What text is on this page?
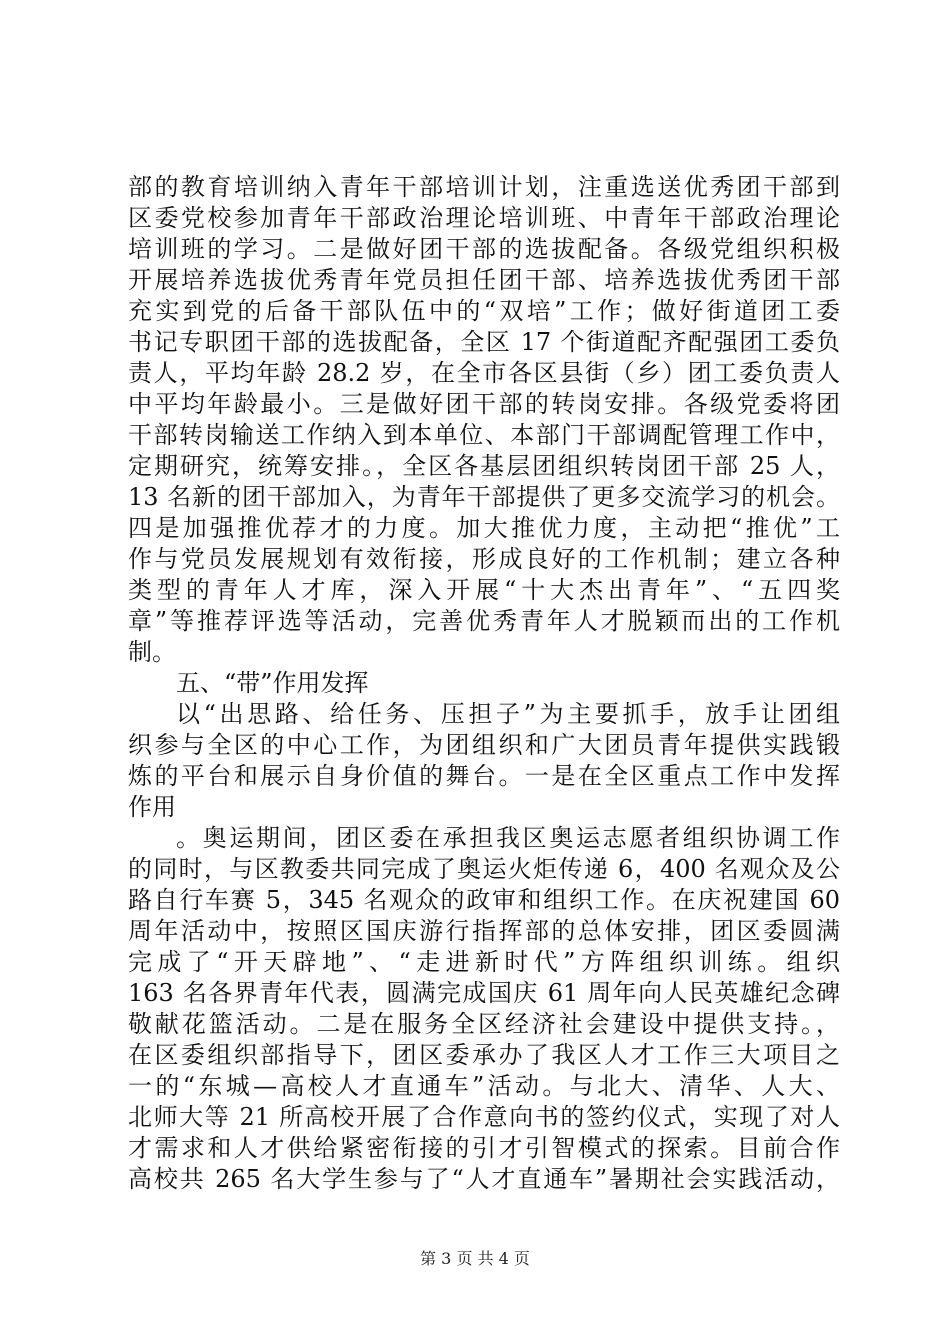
部的教育培训纳入青年干部培训计划，注重选送优秀团干部到
区委党校参加青年干部政治理论培训班、中青年干部政治理论
培训班的学习。二是做好团干部的选拔配备。各级党组织积极
开展培养选拔优秀青年党员担任团干部、培养选拔优秀团干部
充实到党的后备干部队伍中的“双培”工作；做好街道团工委
书记专职团干部的选拔配备，全区 17 个街道配齐配强团工委负
责人，平均年龄 28.2 岁，在全市各区县街（乡）团工委负责人
中平均年龄最小。三是做好团干部的转岗安排。各级党委将团
干部转岗输送工作纳入到本单位、本部门干部调配管理工作中，
定期研究，统筹安排。，全区各基层团组织转岗团干部 25 人，
13 名新的团干部加入，为青年干部提供了更多交流学习的机会。
四是加强推优荐才的力度。加大推优力度，主动把“推优”工
作与党员发展规划有效衔接，形成良好的工作机制；建立各种
类型的青年人才库，深入开展“十大杰出青年”、“五四奖
章”等推荐评选等活动，完善优秀青年人才脱颖而出的工作机
制。
五、“带”作用发挥
以“出思路、给任务、压担子”为主要抓手，放手让团组
织参与全区的中心工作，为团组织和广大团员青年提供实践锻
炼的平台和展示自身价值的舞台。一是在全区重点工作中发挥
作用
。奥运期间，团区委在承担我区奥运志愿者组织协调工作
的同时，与区教委共同完成了奥运火炬传递 6，400 名观众及公
路自行车赛 5，345 名观众的政审和组织工作。在庆祝建国 60
周年活动中，按照区国庆游行指挥部的总体安排，团区委圆满
完成了“开天辟地”、“走进新时代”方阵组织训练。组织
163 名各界青年代表，圆满完成国庆 61 周年向人民英雄纪念碑
敬献花篮活动。二是在服务全区经济社会建设中提供支持。，
在区委组织部指导下，团区委承办了我区人才工作三大项目之
一的“东城—高校人才直通车”活动。与北大、清华、人大、
北师大等 21 所高校开展了合作意向书的签约仪式，实现了对人
才需求和人才供给紧密衔接的引才引智模式的探索。目前合作
高校共 265 名大学生参与了“人才直通车”暑期社会实践活动，
第 3 页 共 4 页
